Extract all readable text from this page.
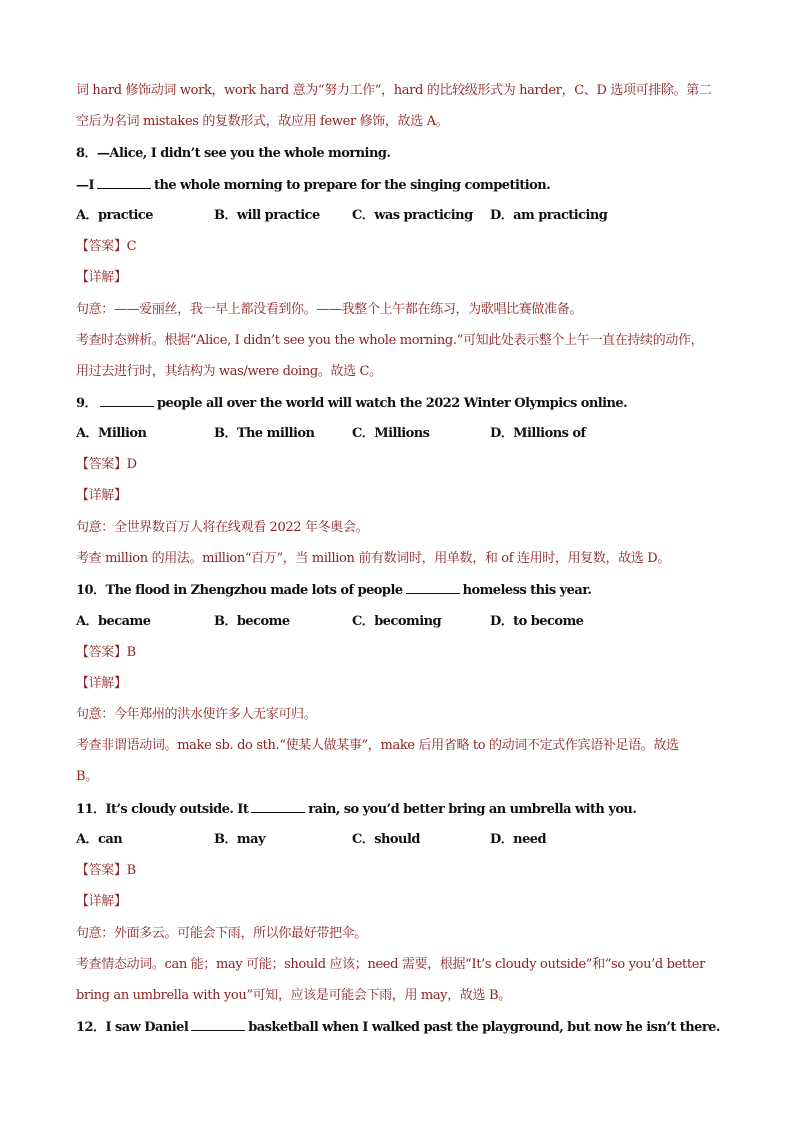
词 hard 修饰动词 work，work hard 意为“努力工作”，hard 的比较级形式为 harder，C、D 选项可排除。第二
空后为名词 mistakes 的复数形式，故应用 fewer 修饰，故选 A。
8．—Alice, I didn’t see you the whole morning.
—I	the whole morning to prepare for the singing competition.
A．practice	B．will practice C．was practicing D．am practicing
【答案】C
【详解】
句意：——爱丽丝，我一早上都没看到你。——我整个上午都在练习，为歌唱比赛做准备。
考查时态辨析。根据“Alice, I didn’t see you the whole morning.”可知此处表示整个上午一直在持续的动作，
用过去进行时，其结构为 was/were doing。故选 C。
9．	people all over the world will watch the 2022 Winter Olympics online.
A．Million	B．The million	C．Millions	D．Millions of
【答案】D
【详解】
句意：全世界数百万人将在线观看 2022 年冬奥会。
考查 million 的用法。million“百万”，当 million 前有数词时，用单数，和 of 连用时，用复数，故选 D。
10．The flood in Zhengzhou made lots of people	homeless this year.
A．became	B．become	C．becoming	D．to become
【答案】B
【详解】
句意：今年郑州的洪水使许多人无家可归。
考查非谓语动词。make sb. do sth.“使某人做某事”，make 后用省略 to 的动词不定式作宾语补足语。故选
B。
11．It’s cloudy outside. It	rain, so you’d better bring an umbrella with you.
A．can	B．may	C．should	D．need
【答案】B
【详解】
句意：外面多云。可能会下雨，所以你最好带把伞。
考查情态动词。can 能；may 可能；should 应该；need 需要，根据“It’s cloudy outside”和“so you’d better
bring an umbrella with you”可知，应该是可能会下雨，用 may，故选 B。
12．I saw Daniel	basketball when I walked past the playground, but now he isn’t there.
